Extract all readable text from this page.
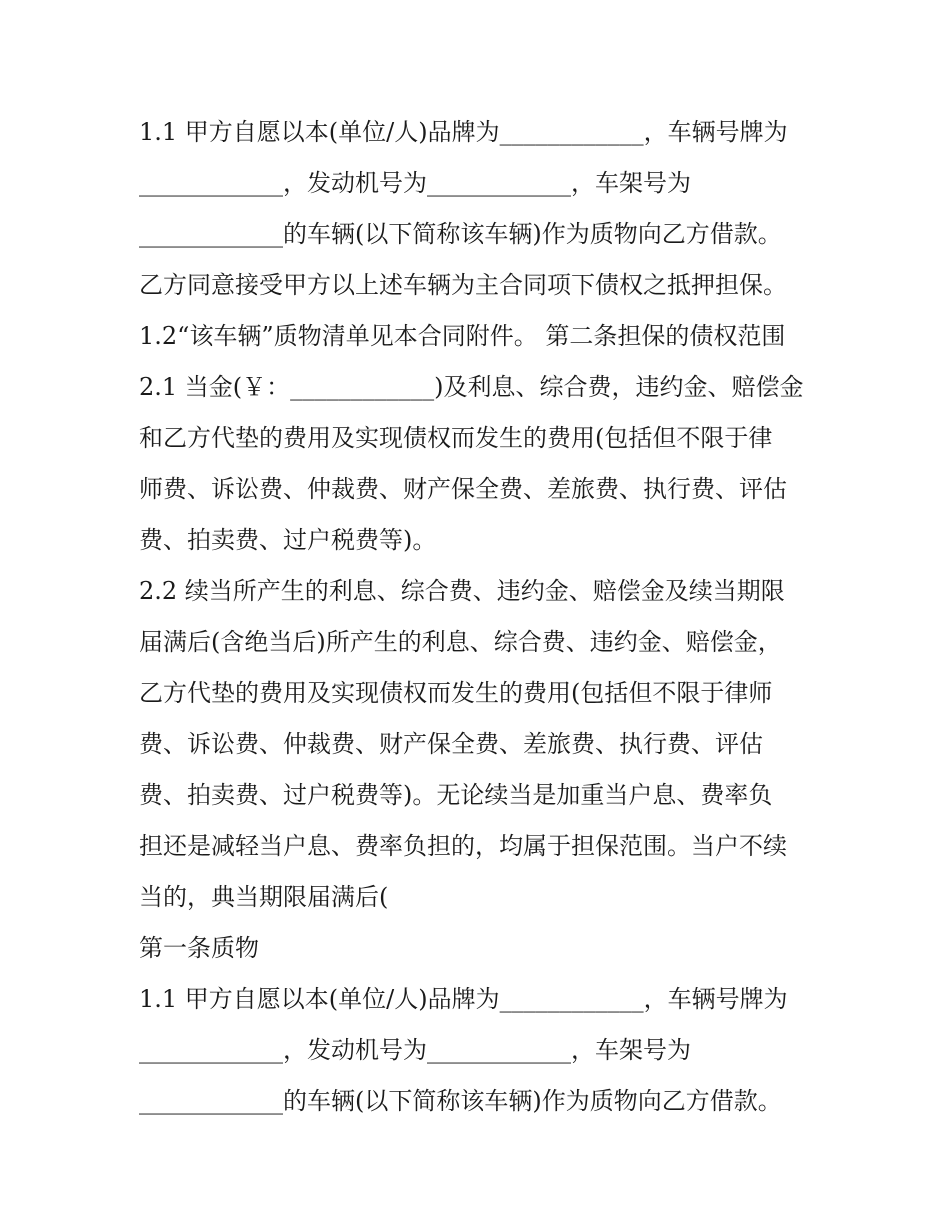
1.1 甲方自愿以本(单位/人)品牌为____________，车辆号牌为
____________，发动机号为____________，车架号为
____________的车辆(以下简称该车辆)作为质物向乙方借款。
乙方同意接受甲方以上述车辆为主合同项下债权之抵押担保。
1.2“该车辆”质物清单见本合同附件。 第二条担保的债权范围
2.1 当金(￥：____________)及利息、综合费，违约金、赔偿金
和乙方代垫的费用及实现债权而发生的费用(包括但不限于律
师费、诉讼费、仲裁费、财产保全费、差旅费、执行费、评估
费、拍卖费、过户税费等)。
2.2 续当所产生的利息、综合费、违约金、赔偿金及续当期限
届满后(含绝当后)所产生的利息、综合费、违约金、赔偿金，
乙方代垫的费用及实现债权而发生的费用(包括但不限于律师
费、诉讼费、仲裁费、财产保全费、差旅费、执行费、评估
费、拍卖费、过户税费等)。无论续当是加重当户息、费率负
担还是减轻当户息、费率负担的，均属于担保范围。当户不续
当的，典当期限届满后(
第一条质物
1.1 甲方自愿以本(单位/人)品牌为____________，车辆号牌为
____________，发动机号为____________，车架号为
____________的车辆(以下简称该车辆)作为质物向乙方借款。
